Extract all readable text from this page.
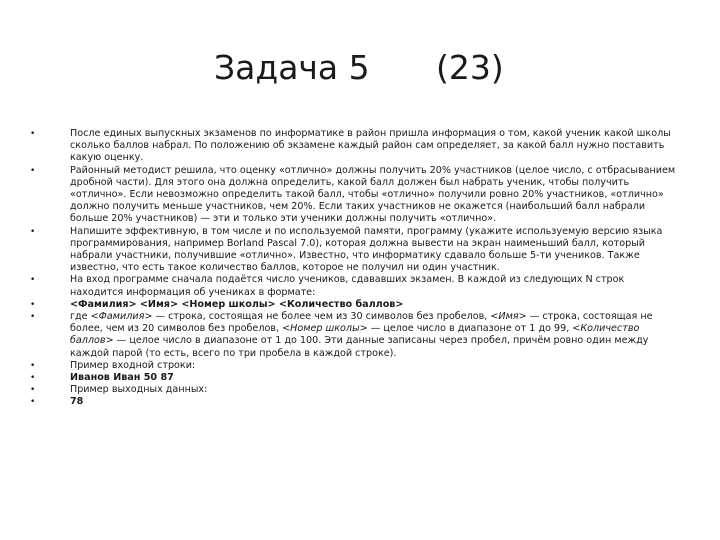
Задача 5 (23)
•	После единых выпускных экзаменов по информатике в район пришла информация о том, какой ученик какой школы сколько баллов набрал. По положению об экзамене каждый район сам определяет, за какой балл нужно поставить какую оценку.
•	Районный методист решила, что оценку «отлично» должны получить 20% участников (целое число, с отбрасыванием дробной части). Для этого она должна определить, какой балл должен был набрать ученик, чтобы получить «отлично». Если невозможно определить такой балл, чтобы «отлично» получили ровно 20% участников, «отлично» должно получить меньше участников, чем 20%. Если таких участников не окажется (наибольший балл набрали больше 20% участников) — эти и только эти ученики должны получить «отлично».
•	Напишите эффективную, в том числе и по используемой памяти, программу (укажите используемую версию языка программирования, например Borland Pascal 7.0), которая должна вывести на экран наименьший балл, который набрали участники, получившие «отлично». Известно, что информатику сдавало больше 5-ти учеников. Также известно, что есть такое количество баллов, которое не получил ни один участник.
•	На вход программе сначала подаётся число учеников, сдававших экзамен. В каждой из следующих N строк находится информация об учениках в формате:
•	<Фамилия> <Имя> <Номер школы> <Количество баллов>
•	где <Фамилия> — строка, состоящая не более чем из 30 символов без пробелов, <Имя> — строка, состоящая не более, чем из 20 символов без пробелов, <Номер школы> — целое число в диапазоне от 1 до 99, <Количество баллов> — целое число в диапазоне от 1 до 100. Эти данные записаны через пробел, причём ровно один между каждой парой (то есть, всего по три пробела в каждой строке).
•	Пример входной строки:
•	Иванов Иван 50 87
•	Пример выходных данных:
•	78
